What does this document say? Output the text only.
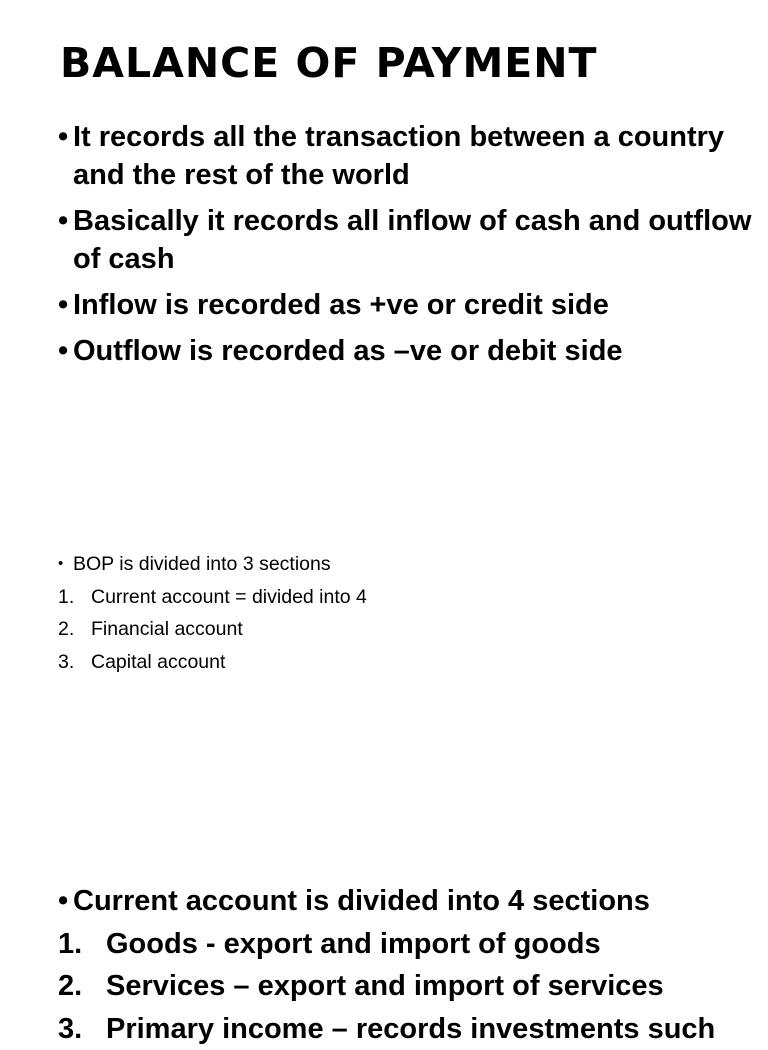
BALANCE OF PAYMENT
• It records all the transaction between a country and the rest of the world
• Basically it records all inflow of cash and outflow of cash
• Inflow is recorded as +ve or credit side
• Outflow is recorded as –ve or debit side
• BOP is divided into 3 sections
1. Current account = divided into 4
2. Financial account
3. Capital account
• Current account is divided into 4 sections
1. Goods - export and import of goods
2. Services – export and import of services
3. Primary income – records investments such
